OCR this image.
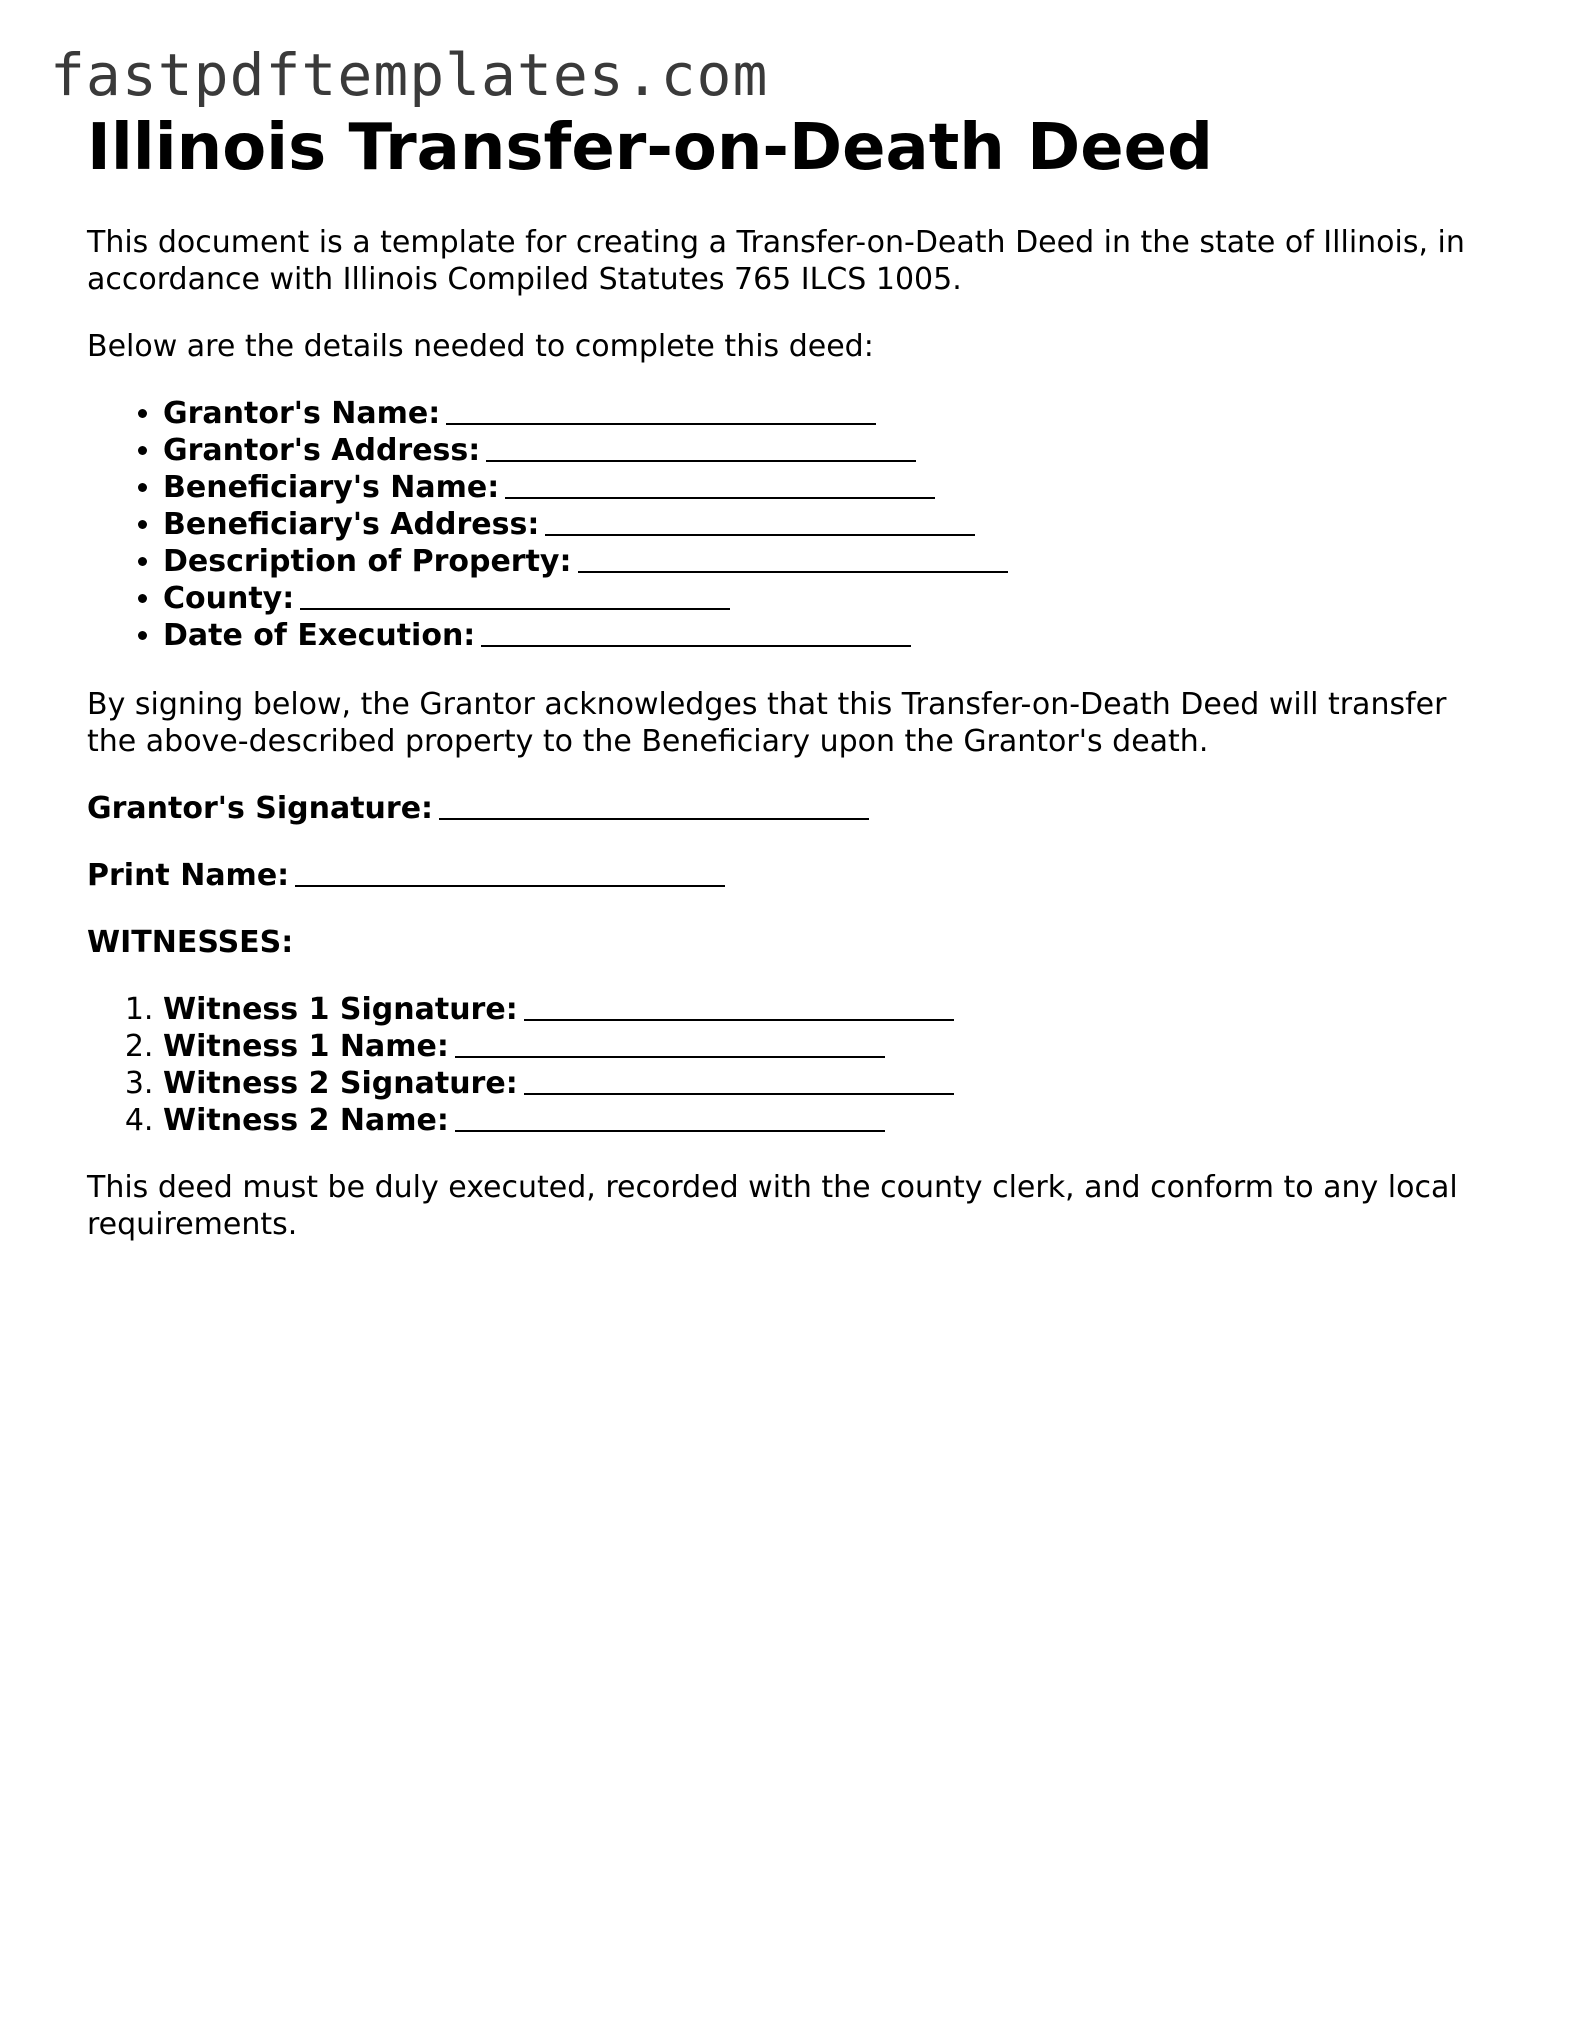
fastpdftemplates.com
Illinois Transfer-on-Death Deed

This document is a template for creating a Transfer-on-Death Deed in the state of Illinois, in accordance with Illinois Compiled Statutes 765 ILCS 1005.

Below are the details needed to complete this deed:

• Grantor's Name:
• Grantor's Address:
• Beneficiary's Name:
• Beneficiary's Address:
• Description of Property:
• County:
• Date of Execution:

By signing below, the Grantor acknowledges that this Transfer-on-Death Deed will transfer the above-described property to the Beneficiary upon the Grantor's death.

Grantor's Signature:

Print Name:

WITNESSES:

1. Witness 1 Signature:
2. Witness 1 Name:
3. Witness 2 Signature:
4. Witness 2 Name:

This deed must be duly executed, recorded with the county clerk, and conform to any local requirements.
